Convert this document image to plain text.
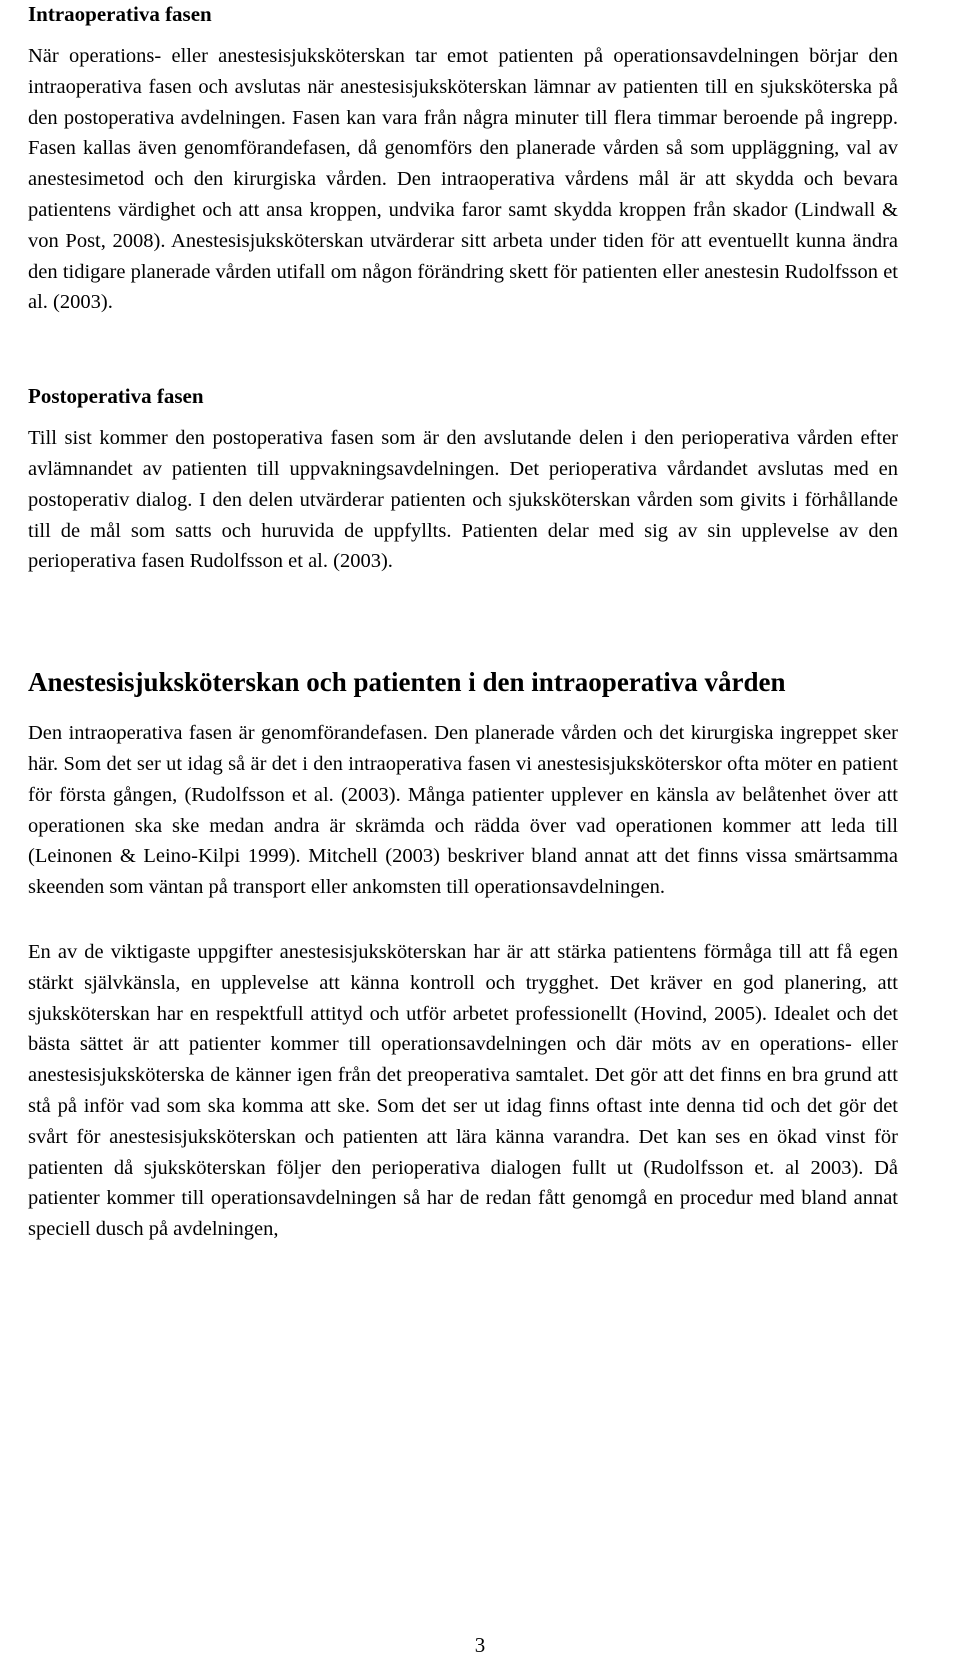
Intraoperativa fasen

När operations- eller anestesisjuksköterskan tar emot patienten på operationsavdelningen börjar den intraoperativa fasen och avslutas när anestesisjuksköterskan lämnar av patienten till en sjuksköterska på den postoperativa avdelningen. Fasen kan vara från några minuter till flera timmar beroende på ingrepp. Fasen kallas även genomförandefasen, då genomförs den planerade vården så som uppläggning, val av anestesimetod och den kirurgiska vården. Den intraoperativa vårdens mål är att skydda och bevara patientens värdighet och att ansa kroppen, undvika faror samt skydda kroppen från skador (Lindwall & von Post, 2008). Anestesisjuksköterskan utvärderar sitt arbeta under tiden för att eventuellt kunna ändra den tidigare planerade vården utifall om någon förändring skett för patienten eller anestesin Rudolfsson et al. (2003).

Postoperativa fasen

Till sist kommer den postoperativa fasen som är den avslutande delen i den perioperativa vården efter avlämnandet av patienten till uppvakningsavdelningen. Det perioperativa vårdandet avslutas med en postoperativ dialog. I den delen utvärderar patienten och sjuksköterskan vården som givits i förhållande till de mål som satts och huruvida de uppfyllts. Patienten delar med sig av sin upplevelse av den perioperativa fasen Rudolfsson et al. (2003).

Anestesisjuksköterskan och patienten i den intraoperativa vården

Den intraoperativa fasen är genomförandefasen. Den planerade vården och det kirurgiska ingreppet sker här. Som det ser ut idag så är det i den intraoperativa fasen vi anestesisjuksköterskor ofta möter en patient för första gången, (Rudolfsson et al. (2003). Många patienter upplever en känsla av belåtenhet över att operationen ska ske medan andra är skrämda och rädda över vad operationen kommer att leda till (Leinonen & Leino-Kilpi 1999). Mitchell (2003) beskriver bland annat att det finns vissa smärtsamma skeenden som väntan på transport eller ankomsten till operationsavdelningen.

En av de viktigaste uppgifter anestesisjuksköterskan har är att stärka patientens förmåga till att få egen stärkt självkänsla, en upplevelse att känna kontroll och trygghet. Det kräver en god planering, att sjuksköterskan har en respektfull attityd och utför arbetet professionellt (Hovind, 2005). Idealet och det bästa sättet är att patienter kommer till operationsavdelningen och där möts av en operations- eller anestesisjuksköterska de känner igen från det preoperativa samtalet. Det gör att det finns en bra grund att stå på inför vad som ska komma att ske. Som det ser ut idag finns oftast inte denna tid och det gör det svårt för anestesisjuksköterskan och patienten att lära känna varandra. Det kan ses en ökad vinst för patienten då sjuksköterskan följer den perioperativa dialogen fullt ut (Rudolfsson et. al 2003). Då patienter kommer till operationsavdelningen så har de redan fått genomgå en procedur med bland annat speciell dusch på avdelningen,

3
